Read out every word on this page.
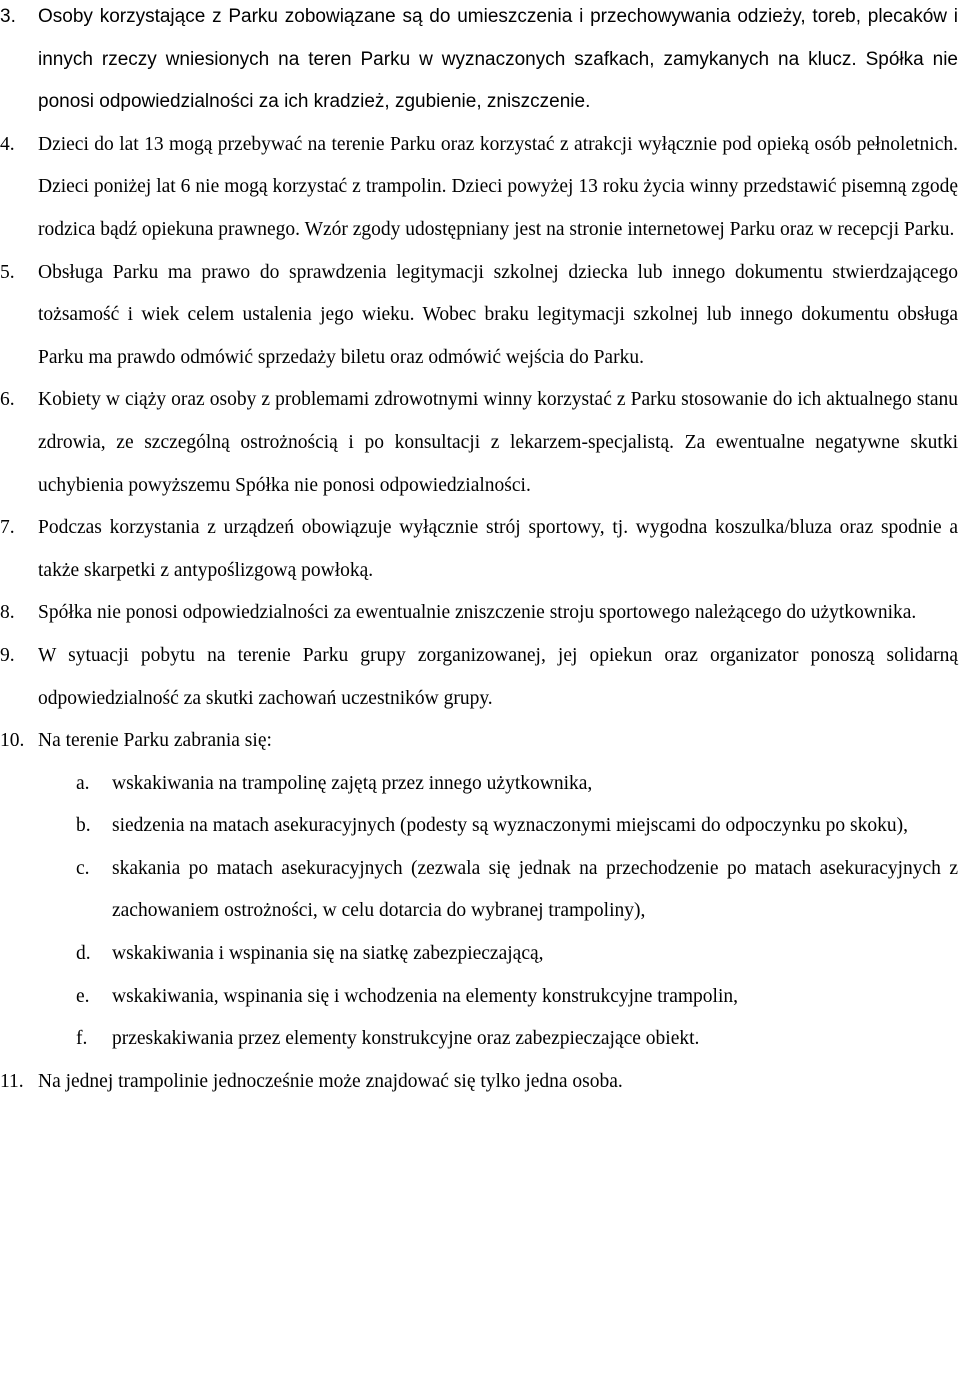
3. Osoby korzystające z Parku zobowiązane są do umieszczenia i przechowywania odzieży, toreb, plecaków i innych rzeczy wniesionych na teren Parku w wyznaczonych szafkach, zamykanych na klucz. Spółka nie ponosi odpowiedzialności za ich kradzież, zgubienie, zniszczenie.
4. Dzieci do lat 13 mogą przebywać na terenie Parku oraz korzystać z atrakcji wyłącznie pod opieką osób pełnoletnich. Dzieci poniżej lat 6 nie mogą korzystać z trampolin. Dzieci powyżej 13 roku życia winny przedstawić pisemną zgodę rodzica bądź opiekuna prawnego. Wzór zgody udostępniany jest na stronie internetowej Parku oraz w recepcji Parku.
5. Obsługa Parku ma prawo do sprawdzenia legitymacji szkolnej dziecka lub innego dokumentu stwierdzającego tożsamość i wiek celem ustalenia jego wieku. Wobec braku legitymacji szkolnej lub innego dokumentu obsługa Parku ma prawdo odmówić sprzedaży biletu oraz odmówić wejścia do Parku.
6. Kobiety w ciąży oraz osoby z problemami zdrowotnymi winny korzystać z Parku stosowanie do ich aktualnego stanu zdrowia, ze szczególną ostrożnością i po konsultacji z lekarzem-specjalistą. Za ewentualne negatywne skutki uchybienia powyższemu Spółka nie ponosi odpowiedzialności.
7. Podczas korzystania z urządzeń obowiązuje wyłącznie strój sportowy, tj. wygodna koszulka/bluza oraz spodnie a także skarpetki z antypoślizgową powłoką.
8. Spółka nie ponosi odpowiedzialności za ewentualnie zniszczenie stroju sportowego należącego do użytkownika.
9. W sytuacji pobytu na terenie Parku grupy zorganizowanej, jej opiekun oraz organizator ponoszą solidarną odpowiedzialność za skutki zachowań uczestników grupy.
10. Na terenie Parku zabrania się:
a. wskakiwania na trampolinę zajętą przez innego użytkownika,
b. siedzenia na matach asekuracyjnych (podesty są wyznaczonymi miejscami do odpoczynku po skoku),
c. skakania po matach asekuracyjnych (zezwala się jednak na przechodzenie po matach asekuracyjnych z zachowaniem ostrożności, w celu dotarcia do wybranej trampoliny),
d. wskakiwania i wspinania się na siatkę zabezpieczającą,
e. wskakiwania, wspinania się i wchodzenia na elementy konstrukcyjne trampolin,
f. przeskakiwania przez elementy konstrukcyjne oraz zabezpieczające obiekt.
11. Na jednej trampolinie jednocześnie może znajdować się tylko jedna osoba.
